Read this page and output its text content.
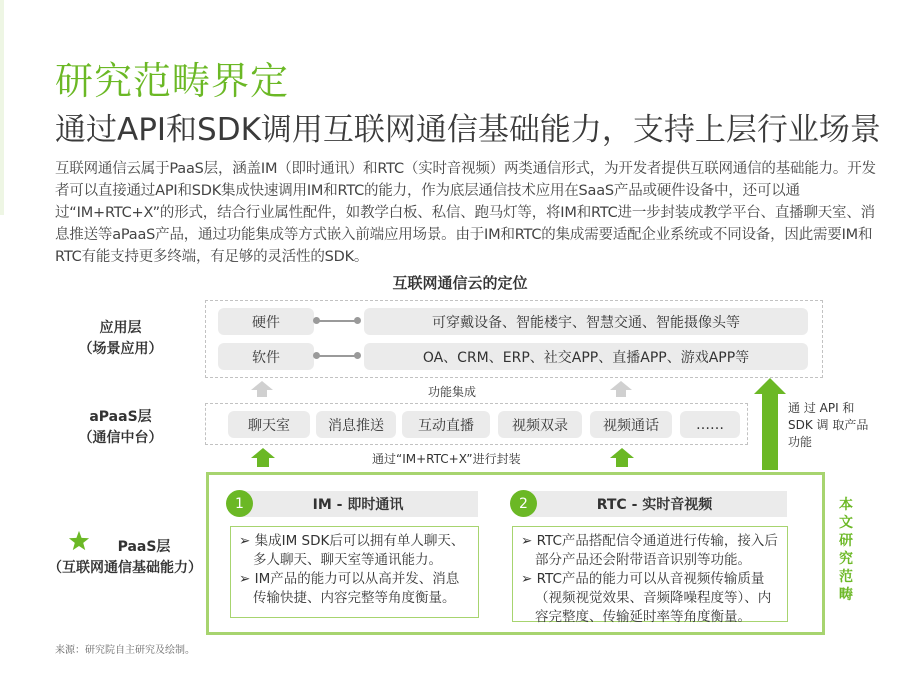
研究范畴界定
通过API和SDK调用互联网通信基础能力，支持上层行业场景
互联网通信云属于PaaS层，涵盖IM（即时通讯）和RTC（实时音视频）两类通信形式，为开发者提供互联网通信的基础能力。开发者可以直接通过API和SDK集成快速调用IM和RTC的能力，作为底层通信技术应用在SaaS产品或硬件设备中，还可以通过“IM+RTC+X”的形式，结合行业属性配件，如教学白板、私信、跑马灯等，将IM和RTC进一步封装成教学平台、直播聊天室、消息推送等aPaaS产品，通过功能集成等方式嵌入前端应用场景。由于IM和RTC的集成需要适配企业系统或不同设备，因此需要IM和RTC有能支持更多终端，有足够的灵活性的SDK。
互联网通信云的定位
应用层
（场景应用）
硬件	可穿戴设备、智能楼宇、智慧交通、智能摄像头等
软件	OA、CRM、ERP、社交APP、直播APP、游戏APP等
功能集成
aPaaS层
（通信中台）
聊天室	消息推送	互动直播	视频双录	视频通话	……
通过“IM+RTC+X”进行封装
通 过 API 和 SDK 调 取产品功能
PaaS层
（互联网通信基础能力）
IM - 即时通讯
1

➢ 集成IM SDK后可以拥有单人聊天、多人聊天、聊天室等通讯能力。

➢ IM产品的能力可以从高并发、消息传输快捷、内容完整等角度衡量。

RTC - 实时音视频
2

➢ RTC产品搭配信令通道进行传输，接入后部分产品还会附带语音识别等功能。

➢ RTC产品的能力可以从音视频传输质量（视频视觉效果、音频降噪程度等）、内容完整度、传输延时率等角度衡量。

本文研究范畴
来源：研究院自主研究及绘制。
